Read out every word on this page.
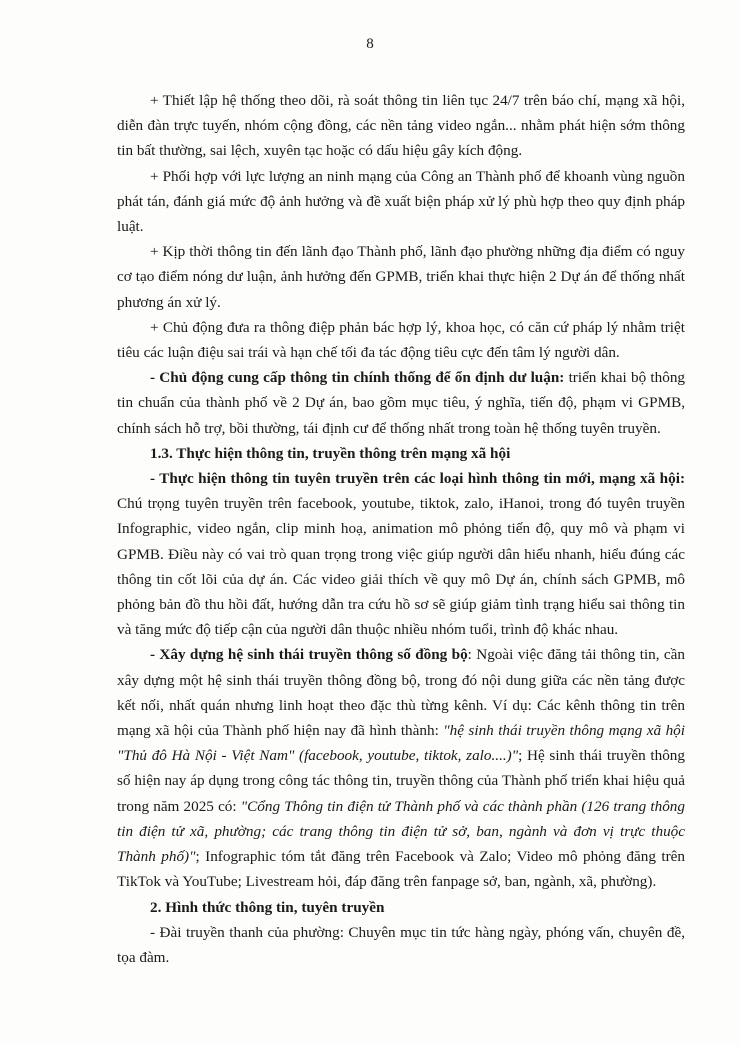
8

+ Thiết lập hệ thống theo dõi, rà soát thông tin liên tục 24/7 trên báo chí, mạng xã hội, diễn đàn trực tuyến, nhóm cộng đồng, các nền tảng video ngắn... nhằm phát hiện sớm thông tin bất thường, sai lệch, xuyên tạc hoặc có dấu hiệu gây kích động.

+ Phối hợp với lực lượng an ninh mạng của Công an Thành phố để khoanh vùng nguồn phát tán, đánh giá mức độ ảnh hưởng và đề xuất biện pháp xử lý phù hợp theo quy định pháp luật.

+ Kịp thời thông tin đến lãnh đạo Thành phố, lãnh đạo phường những địa điểm có nguy cơ tạo điểm nóng dư luận, ảnh hưởng đến GPMB, triển khai thực hiện 2 Dự án để thống nhất phương án xử lý.

+ Chủ động đưa ra thông điệp phản bác hợp lý, khoa học, có căn cứ pháp lý nhằm triệt tiêu các luận điệu sai trái và hạn chế tối đa tác động tiêu cực đến tâm lý người dân.

- Chủ động cung cấp thông tin chính thống để ổn định dư luận: triển khai bộ thông tin chuẩn của thành phố về 2 Dự án, bao gồm mục tiêu, ý nghĩa, tiến độ, phạm vi GPMB, chính sách hỗ trợ, bồi thường, tái định cư để thống nhất trong toàn hệ thống tuyên truyền.

1.3. Thực hiện thông tin, truyền thông trên mạng xã hội

- Thực hiện thông tin tuyên truyền trên các loại hình thông tin mới, mạng xã hội: Chú trọng tuyên truyền trên facebook, youtube, tiktok, zalo, iHanoi, trong đó tuyên truyền Infographic, video ngắn, clip minh hoạ, animation mô phỏng tiến độ, quy mô và phạm vi GPMB. Điều này có vai trò quan trọng trong việc giúp người dân hiểu nhanh, hiểu đúng các thông tin cốt lõi của dự án. Các video giải thích về quy mô Dự án, chính sách GPMB, mô phỏng bản đồ thu hồi đất, hướng dẫn tra cứu hồ sơ sẽ giúp giảm tình trạng hiểu sai thông tin và tăng mức độ tiếp cận của người dân thuộc nhiều nhóm tuổi, trình độ khác nhau.

- Xây dựng hệ sinh thái truyền thông số đồng bộ: Ngoài việc đăng tải thông tin, cần xây dựng một hệ sinh thái truyền thông đồng bộ, trong đó nội dung giữa các nền tảng được kết nối, nhất quán nhưng linh hoạt theo đặc thù từng kênh. Ví dụ: Các kênh thông tin trên mạng xã hội của Thành phố hiện nay đã hình thành: "hệ sinh thái truyền thông mạng xã hội "Thủ đô Hà Nội - Việt Nam" (facebook, youtube, tiktok, zalo....)"; Hệ sinh thái truyền thông số hiện nay áp dụng trong công tác thông tin, truyền thông của Thành phố triển khai hiệu quả trong năm 2025 có: "Cổng Thông tin điện tử Thành phố và các thành phần (126 trang thông tin điện tử xã, phường; các trang thông tin điện tử sở, ban, ngành và đơn vị trực thuộc Thành phố)"; Infographic tóm tắt đăng trên Facebook và Zalo; Video mô phỏng đăng trên TikTok và YouTube; Livestream hỏi, đáp đăng trên fanpage sở, ban, ngành, xã, phường).

2. Hình thức thông tin, tuyên truyền

- Đài truyền thanh của phường: Chuyên mục tin tức hàng ngày, phóng vấn, chuyên đề, tọa đàm.
